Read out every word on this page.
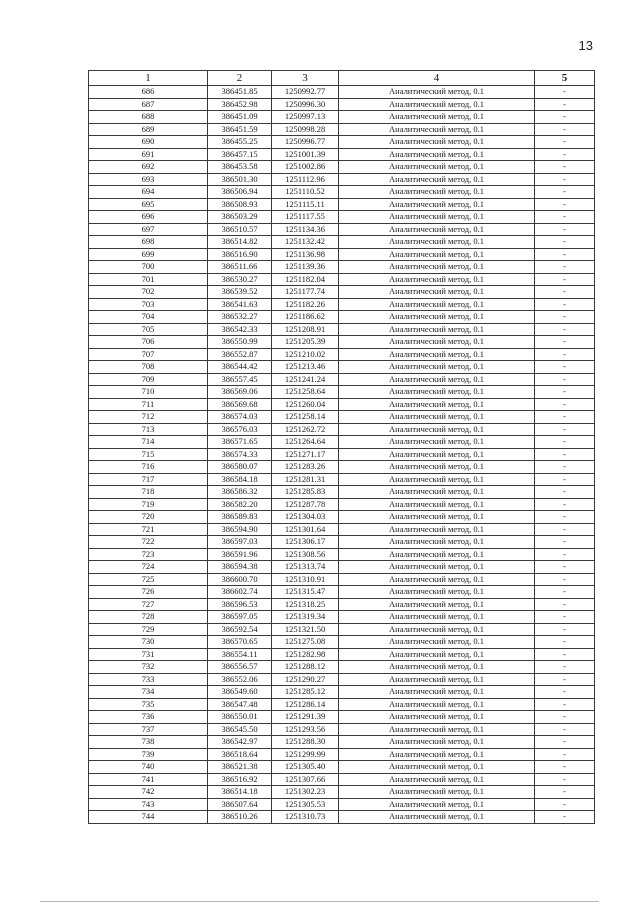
13
1	2	3	4	5
686	386451.85	1250992.77	Аналитический метод, 0.1	-
687	386452.98	1250996.30	Аналитический метод, 0.1	-
688	386451.09	1250997.13	Аналитический метод, 0.1	-
689	386451.59	1250998.28	Аналитический метод, 0.1	-
690	386455.25	1250996.77	Аналитический метод, 0.1	-
691	386457.15	1251001.39	Аналитический метод, 0.1	-
692	386453.58	1251002.86	Аналитический метод, 0.1	-
693	386501.30	1251112.96	Аналитический метод, 0.1	-
694	386506.94	1251110.52	Аналитический метод, 0.1	-
695	386508.93	1251115.11	Аналитический метод, 0.1	-
696	386503.29	1251117.55	Аналитический метод, 0.1	-
697	386510.57	1251134.36	Аналитический метод, 0.1	-
698	386514.82	1251132.42	Аналитический метод, 0.1	-
699	386516.90	1251136.98	Аналитический метод, 0.1	-
700	386511.66	1251139.36	Аналитический метод, 0.1	-
701	386530.27	1251182.04	Аналитический метод, 0.1	-
702	386539.52	1251177.74	Аналитический метод, 0.1	-
703	386541.63	1251182.26	Аналитический метод, 0.1	-
704	386532.27	1251186.62	Аналитический метод, 0.1	-
705	386542.33	1251208.91	Аналитический метод, 0.1	-
706	386550.99	1251205.39	Аналитический метод, 0.1	-
707	386552.87	1251210.02	Аналитический метод, 0.1	-
708	386544.42	1251213.46	Аналитический метод, 0.1	-
709	386557.45	1251241.24	Аналитический метод, 0.1	-
710	386569.06	1251258.64	Аналитический метод, 0.1	-
711	386569.68	1251260.04	Аналитический метод, 0.1	-
712	386574.03	1251258.14	Аналитический метод, 0.1	-
713	386576.03	1251262.72	Аналитический метод, 0.1	-
714	386571.65	1251264.64	Аналитический метод, 0.1	-
715	386574.33	1251271.17	Аналитический метод, 0.1	-
716	386580.07	1251283.26	Аналитический метод, 0.1	-
717	386584.18	1251281.31	Аналитический метод, 0.1	-
718	386586.32	1251285.83	Аналитический метод, 0.1	-
719	386582.20	1251287.78	Аналитический метод, 0.1	-
720	386589.83	1251304.03	Аналитический метод, 0.1	-
721	386594.90	1251301.64	Аналитический метод, 0.1	-
722	386597.03	1251306.17	Аналитический метод, 0.1	-
723	386591.96	1251308.56	Аналитический метод, 0.1	-
724	386594.38	1251313.74	Аналитический метод, 0.1	-
725	386600.70	1251310.91	Аналитический метод, 0.1	-
726	386602.74	1251315.47	Аналитический метод, 0.1	-
727	386596.53	1251318.25	Аналитический метод, 0.1	-
728	386597.05	1251319.34	Аналитический метод, 0.1	-
729	386592.54	1251321.50	Аналитический метод, 0.1	-
730	386570.65	1251275.08	Аналитический метод, 0.1	-
731	386554.11	1251282.98	Аналитический метод, 0.1	-
732	386556.57	1251288.12	Аналитический метод, 0.1	-
733	386552.06	1251290.27	Аналитический метод, 0.1	-
734	386549.60	1251285.12	Аналитический метод, 0.1	-
735	386547.48	1251286.14	Аналитический метод, 0.1	-
736	386550.01	1251291.39	Аналитический метод, 0.1	-
737	386545.50	1251293.56	Аналитический метод, 0.1	-
738	386542.97	1251288.30	Аналитический метод, 0.1	-
739	386518.64	1251299.99	Аналитический метод, 0.1	-
740	386521.38	1251305.40	Аналитический метод, 0.1	-
741	386516.92	1251307.66	Аналитический метод, 0.1	-
742	386514.18	1251302.23	Аналитический метод, 0.1	-
743	386507.64	1251305.53	Аналитический метод, 0.1	-
744	386510.26	1251310.73	Аналитический метод, 0.1	-
